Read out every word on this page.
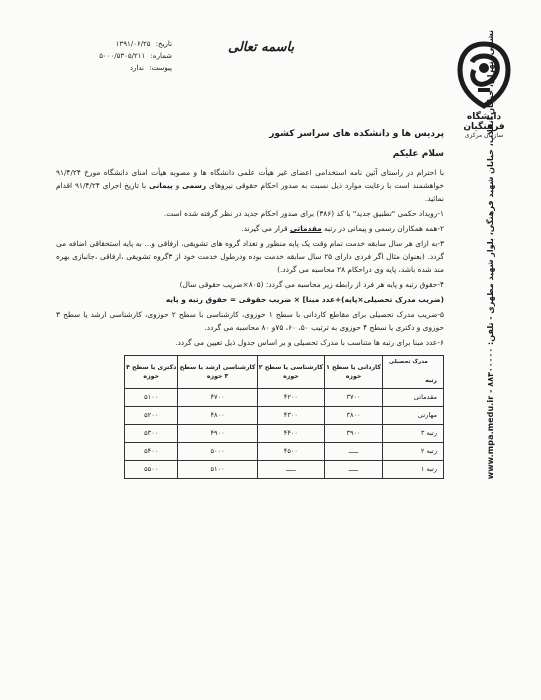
تاریخ: ۱۳۹۱/۰۶/۲۵
شماره: ۵۰۰۰/۵۳۰۵/۲۱۱
پیوست: ندارد
باسمه تعالی
دانشگاه فرهنگیان
سازمان مرکزی
نشانی: تهران، خیابان انقلاب، خیابان شهید فرهنگی، بلوار شهید مطهری - تلفن: ۸۸۳۰۰۰۰۰ - www.mpa.medu.ir
پردیس ها و دانشکده های سراسر کشور
سلام علیکم

با احترام در راستای آئین نامه استخدامی اعضای غیر هیأت علمی دانشگاه ها و مصوبه هیأت امنای دانشگاه مورخ ۹۱/۴/۲۴ خواهشمند است با رعایت موارد ذیل نسبت به صدور احکام حقوقی نیروهای رسمی و پیمانی با تاریخ اجرای ۹۱/۴/۲۴ اقدام نمائید.

۱-رویداد حکمی "تطبیق جدید" با کد (۳۸۶) برای صدور احکام جدید در نظر گرفته شده است.

۲-همه همکاران رسمی و پیمانی در رتبه مقدماتی قرار می گیرند.

۳-به ازای هر سال سابقه خدمت تمام وقت یک پایه منظور و تعداد گروه های تشویقی، ارفاقی و... به پایه استحقاقی اضافه می گردد. (بعنوان مثال اگر فردی دارای ۲۵ سال سابقه خدمت بوده ودرطول خدمت خود از ۳گروه تشویقی ،ارفاقی ،جانبازی بهره مند شده باشد، پایه وی دراحکام ۲۸ محاسبه می گردد.)

۴-حقوق رتبه و پایه هر فرد از رابطه زیر محاسبه می گردد: (۸۰۵×ضریب حقوقی سال)

(ضریب مدرک تحصیلی×پایه)+عدد مبنا] × ضریب حقوقی = حقوق رتبه و پایه

۵-ضریب مدرک تحصیلی برای مقاطع کاردانی با سطح ۱ حوزوی، کارشناسی با سطح ۲ حوزوی، کارشناسی ارشد یا سطح ۳ حوزوی و دکتری یا سطح ۴ حوزوی به ترتیب ۵۰، ۶۰، ۷۵و ۸۰ محاسبه می گردد.

۶-عدد مبنا برای رتبه ها متناسب با مدرک تحصیلی و بر اساس جدول ذیل تعیین می گردد.

مدرک تحصیلی
رتبه	کاردانی یا سطح ۱ حوزه	کارشناسی یا سطح ۲ حوزه	کارشناسی ارشد یا سطح ۳ حوزه	دکتری یا سطح ۴ حوزه
مقدماتی	۳۷۰۰	۴۲۰۰	۴۷۰۰	۵۱۰۰
مهارتی	۳۸۰۰	۴۳۰۰	۴۸۰۰	۵۲۰۰
رتبه ۳	۳۹۰۰	۴۴۰۰	۴۹۰۰	۵۳۰۰
رتبه ۲	ـــــ	۴۵۰۰	۵۰۰۰	۵۴۰۰
رتبه ۱	ـــــ	ـــــ	۵۱۰۰	۵۵۰۰
